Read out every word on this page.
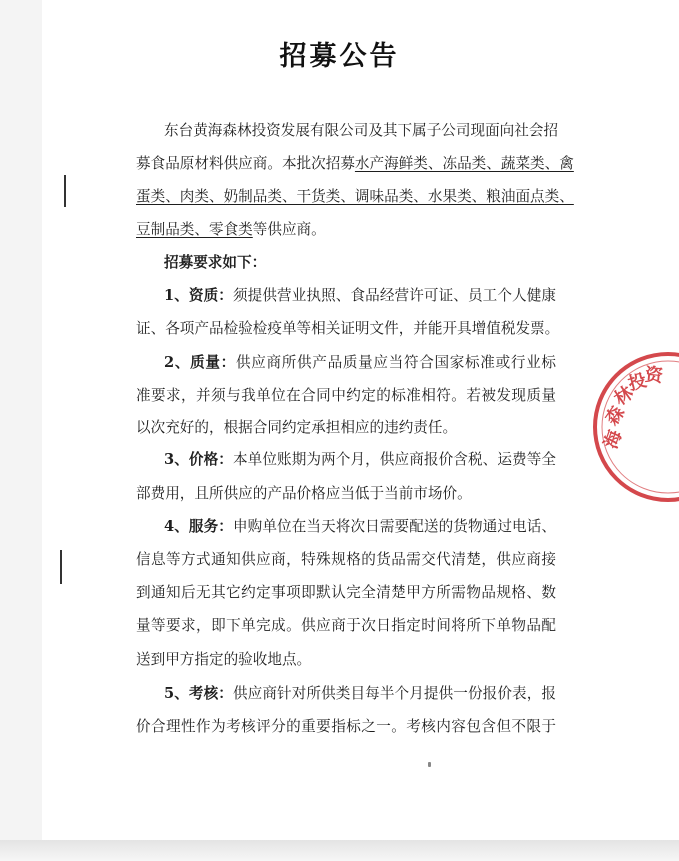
招募公告
东台黄海森林投资发展有限公司及其下属子公司现面向社会招
募食品原材料供应商。本批次招募水产海鲜类、冻品类、蔬菜类、禽
蛋类、肉类、奶制品类、干货类、调味品类、水果类、粮油面点类、
豆制品类、零食类等供应商。
招募要求如下：
1、资质：须提供营业执照、食品经营许可证、员工个人健康
证、各项产品检验检疫单等相关证明文件，并能开具增值税发票。
2、质量：供应商所供产品质量应当符合国家标准或行业标
准要求，并须与我单位在合同中约定的标准相符。若被发现质量
以次充好的，根据合同约定承担相应的违约责任。
3、价格：本单位账期为两个月，供应商报价含税、运费等全
部费用，且所供应的产品价格应当低于当前市场价。
4、服务：申购单位在当天将次日需要配送的货物通过电话、
信息等方式通知供应商，特殊规格的货品需交代清楚，供应商接
到通知后无其它约定事项即默认完全清楚甲方所需物品规格、数
量等要求，即下单完成。供应商于次日指定时间将所下单物品配
送到甲方指定的验收地点。
5、考核：供应商针对所供类目每半个月提供一份报价表，报
价合理性作为考核评分的重要指标之一。考核内容包含但不限于
海
森
林
投
资
